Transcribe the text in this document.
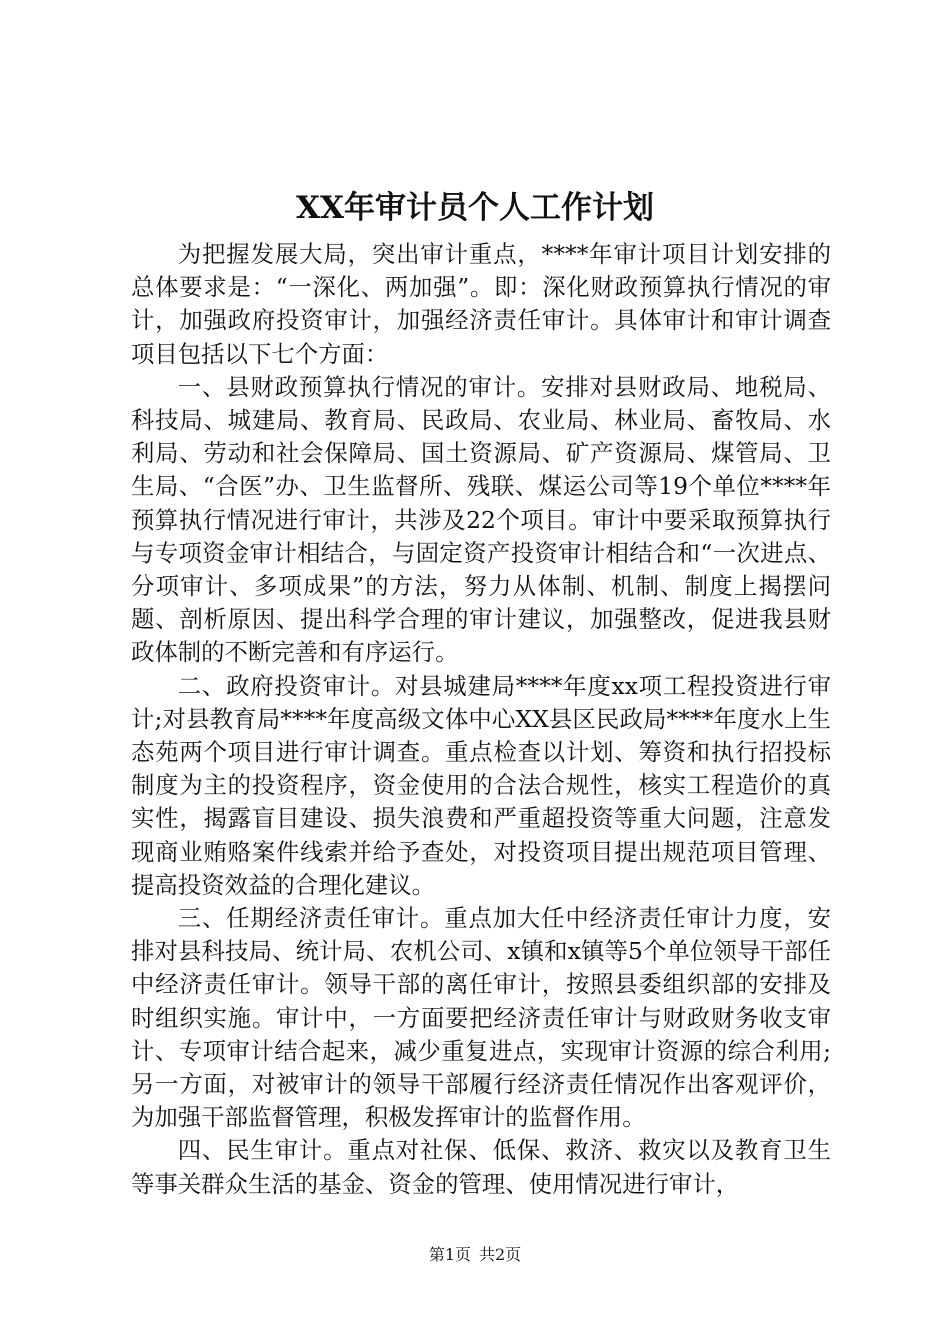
XX年审计员个人工作计划

为把握发展大局，突出审计重点，****年审计项目计划安排的总体要求是：“一深化、两加强”。即：深化财政预算执行情况的审计，加强政府投资审计，加强经济责任审计。具体审计和审计调查项目包括以下七个方面：

一、县财政预算执行情况的审计。安排对县财政局、地税局、科技局、城建局、教育局、民政局、农业局、林业局、畜牧局、水利局、劳动和社会保障局、国土资源局、矿产资源局、煤管局、卫生局、“合医”办、卫生监督所、残联、煤运公司等19个单位****年预算执行情况进行审计，共涉及22个项目。审计中要采取预算执行与专项资金审计相结合，与固定资产投资审计相结合和“一次进点、分项审计、多项成果”的方法，努力从体制、机制、制度上揭摆问题、剖析原因、提出科学合理的审计建议，加强整改，促进我县财政体制的不断完善和有序运行。

二、政府投资审计。对县城建局****年度xx项工程投资进行审计;对县教育局****年度高级文体中心XX县区民政局****年度水上生态苑两个项目进行审计调查。重点检查以计划、筹资和执行招投标制度为主的投资程序，资金使用的合法合规性，核实工程造价的真实性，揭露盲目建设、损失浪费和严重超投资等重大问题，注意发现商业贿赂案件线索并给予查处，对投资项目提出规范项目管理、提高投资效益的合理化建议。

三、任期经济责任审计。重点加大任中经济责任审计力度，安排对县科技局、统计局、农机公司、x镇和x镇等5个单位领导干部任中经济责任审计。领导干部的离任审计，按照县委组织部的安排及时组织实施。审计中，一方面要把经济责任审计与财政财务收支审计、专项审计结合起来，减少重复进点，实现审计资源的综合利用;另一方面，对被审计的领导干部履行经济责任情况作出客观评价，为加强干部监督管理，积极发挥审计的监督作用。

四、民生审计。重点对社保、低保、救济、救灾以及教育卫生等事关群众生活的基金、资金的管理、使用情况进行审计，

第1页 共2页
